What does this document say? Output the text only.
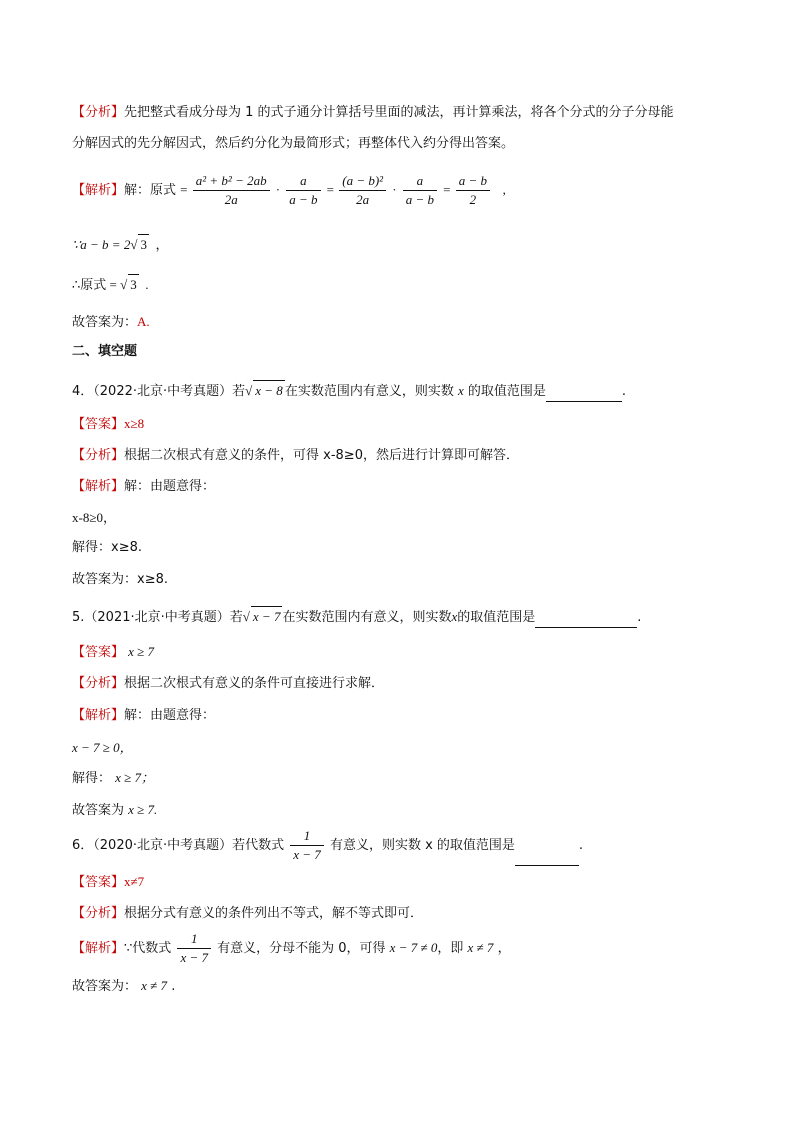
【分析】先把整式看成分母为 1 的式子通分计算括号里面的减法，再计算乘法，将各个分式的分子分母能
分解因式的先分解因式，然后约分化为最简形式；再整体代入约分得出答案。
【解析】解：原式 = $\frac{\text{a² + b² − 2ab}}{2a} \cdot \frac{a}{a - b} = \frac{\text{(a − b)²}}{2a} \cdot \frac{a}{a - b} = \frac{a - b}{2}$ ,
∵a − b = 2√ 3  ，
∴原式 = √ 3  .
故答案为：A.
二、填空题
4．（2022·北京·中考真题）若√ x − 8 在实数范围内有意义，则实数 x 的取值范围是	.
【答案】x≥8
【分析】根据二次根式有意义的条件，可得 x-8≥0，然后进行计算即可解答．
【解析】解：由题意得：
x-8≥0，
解得：x≥8.
故答案为：x≥8.
5.（2021·北京·中考真题）若√ x − 7 在实数范围内有意义，则实数x的取值范围是	.
【答案】 x ≥ 7
【分析】根据二次根式有意义的条件可直接进行求解．
【解析】解：由题意得：
x − 7 ≥ 0，
解得： x ≥ 7；
故答案为 x ≥ 7.
6．（2020·北京·中考真题）若代数式 $\frac{1}{x - 7}$ 有意义，则实数 x 的取值范围是	.
【答案】x≠7
【分析】根据分式有意义的条件列出不等式，解不等式即可．
【解析】∵代数式 $\frac{1}{x - 7}$ 有意义，分母不能为 0，可得 x − 7 ≠ 0，即 x ≠ 7 ，
故答案为： x ≠ 7 .
